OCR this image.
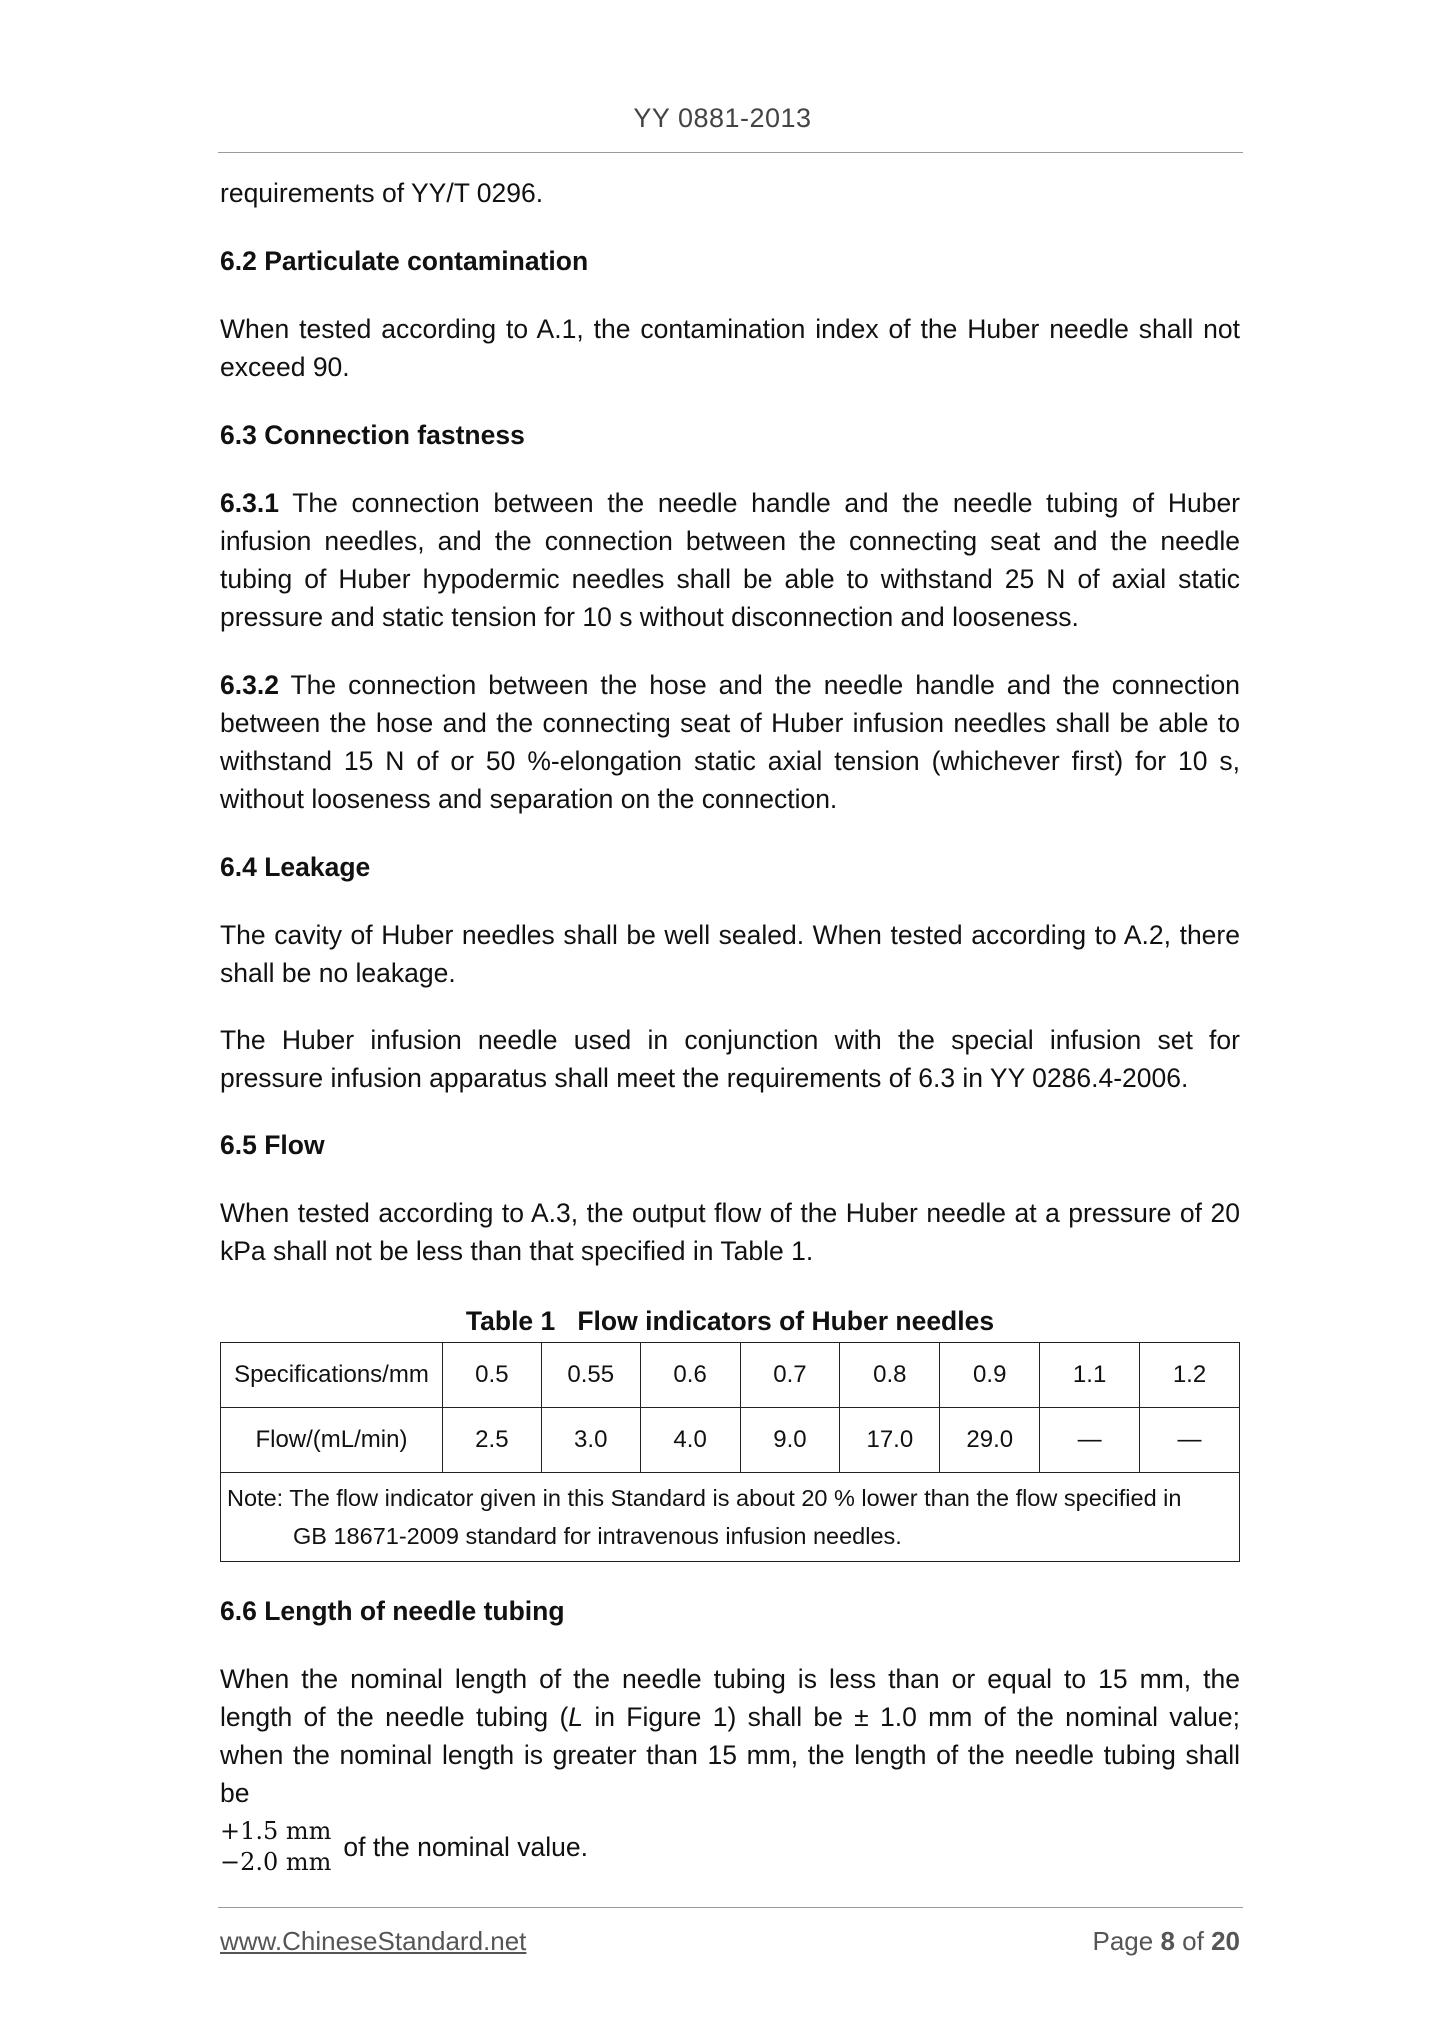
YY 0881-2013

requirements of YY/T 0296.

6.2 Particulate contamination

When tested according to A.1, the contamination index of the Huber needle shall not exceed 90.

6.3 Connection fastness

6.3.1 The connection between the needle handle and the needle tubing of Huber infusion needles, and the connection between the connecting seat and the needle tubing of Huber hypodermic needles shall be able to withstand 25 N of axial static pressure and static tension for 10 s without disconnection and looseness.

6.3.2 The connection between the hose and the needle handle and the connection between the hose and the connecting seat of Huber infusion needles shall be able to withstand 15 N of or 50 %-elongation static axial tension (whichever first) for 10 s, without looseness and separation on the connection.

6.4 Leakage

The cavity of Huber needles shall be well sealed. When tested according to A.2, there shall be no leakage.

The Huber infusion needle used in conjunction with the special infusion set for pressure infusion apparatus shall meet the requirements of 6.3 in YY 0286.4-2006.

6.5 Flow

When tested according to A.3, the output flow of the Huber needle at a pressure of 20 kPa shall not be less than that specified in Table 1.

Table 1 Flow indicators of Huber needles

Specifications/mm	0.5	0.55	0.6	0.7	0.8	0.9	1.1	1.2
Flow/(mL/min)	2.5	3.0	4.0	9.0	17.0	29.0	—	—
Note: The flow indicator given in this Standard is about 20 % lower than the flow specified in
GB 18671-2009 standard for intravenous infusion needles.								

6.6 Length of needle tubing

When the nominal length of the needle tubing is less than or equal to 15 mm, the length of the needle tubing (L in Figure 1) shall be ± 1.0 mm of the nominal value; when the nominal length is greater than 15 mm, the length of the needle tubing shall be

+1.5 mm
−2.0 mm of the nominal value.

www.ChineseStandard.net	Page 8 of 20
